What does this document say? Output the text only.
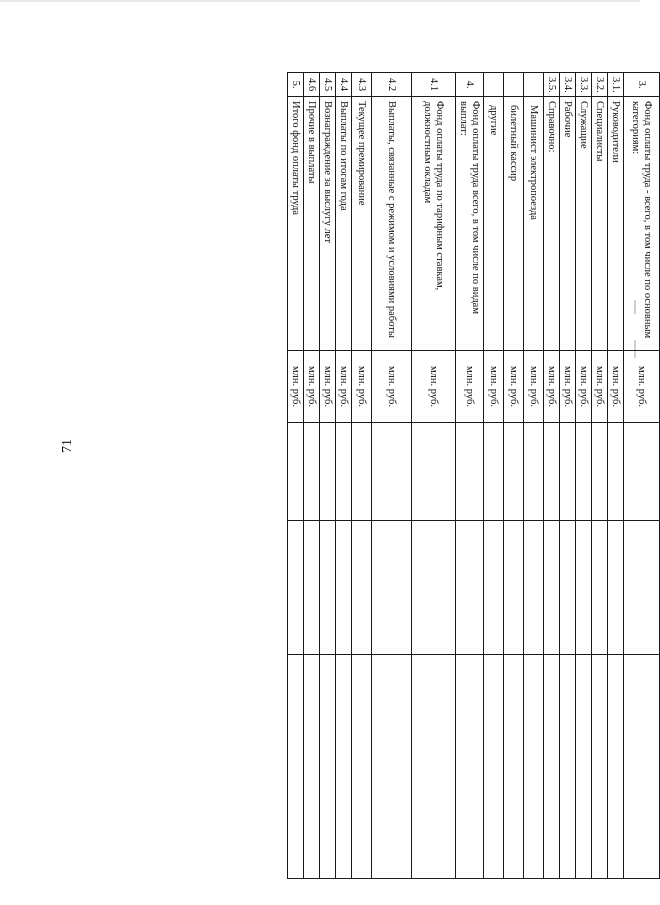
71
3.	Фонд оплаты труда - всего, в том числе по основным категориям:	млн. руб.			
3.1.	Руководители	млн. руб.			
3.2.	Специалисты	млн. руб.			
3.3.	Служащие	млн. руб.			
3.4.	Рабочие	млн. руб.			
3.5.	Справочно:	млн. руб.			
	Машинист электропоезда	млн. руб.			
	билетный кассир	млн. руб.			
	другие	млн. руб.			
4.	Фонд оплаты труда всего, в том числе по видам выплат:	млн. руб.			
4.1	Фонд оплаты труда по тарифным ставкам, должностным окладам	млн. руб.			
4.2	Выплаты, связанные с режимом и условиями работы	млн. руб.			
4.3	Текущее премирование	млн. руб.			
4.4	Выплаты по итогам года	млн. руб.			
4.5	Вознаграждение за выслугу лет	млн. руб.			
4.6	Прочие в выплаты	млн. руб.			
5.	Итого фонд оплаты труда	млн. руб.			
